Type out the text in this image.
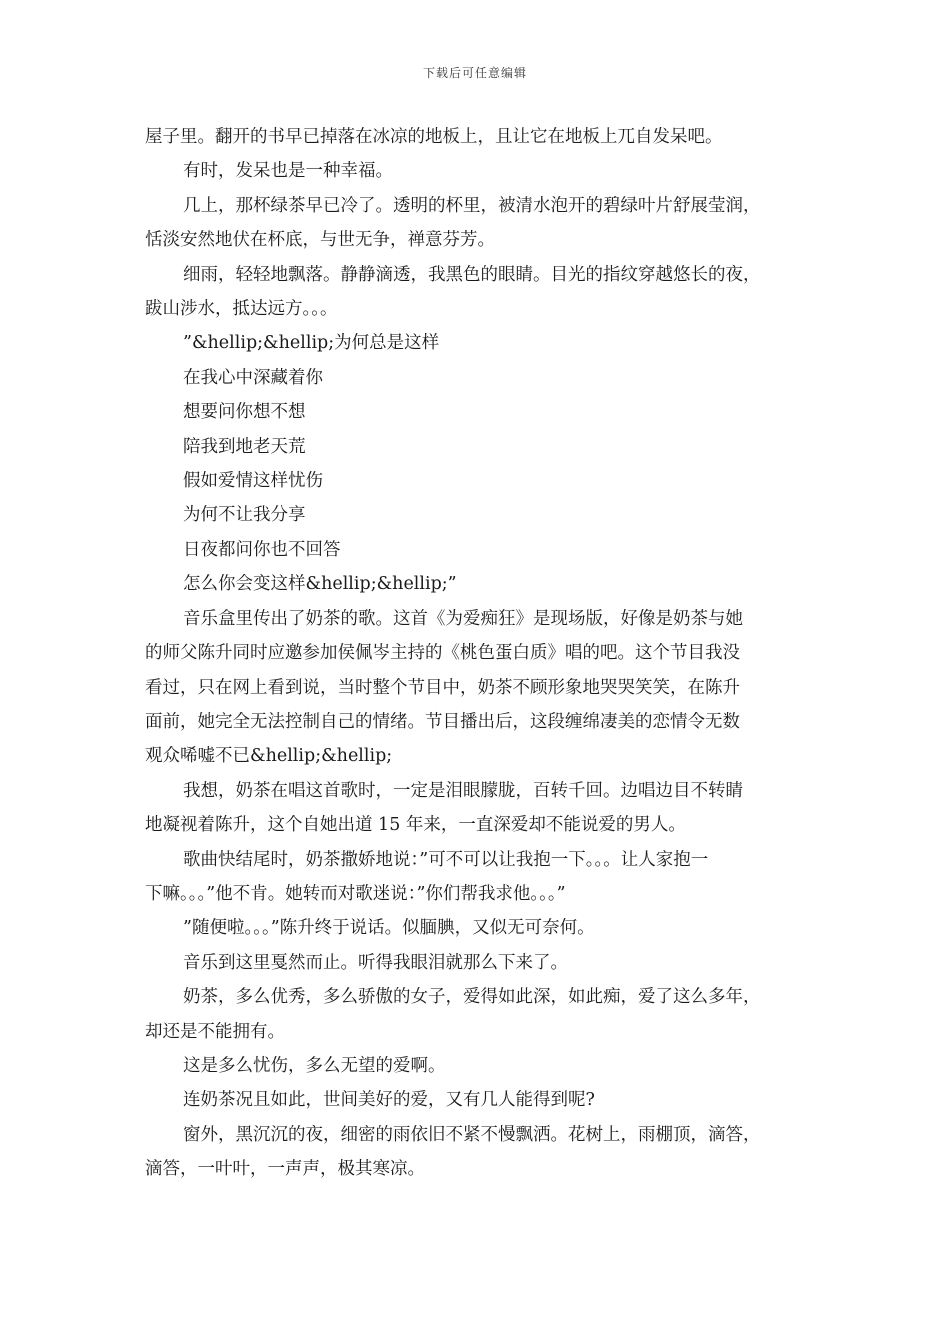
下载后可任意编辑

屋子里。翻开的书早已掉落在冰凉的地板上，且让它在地板上兀自发呆吧。

有时，发呆也是一种幸福。

几上，那杯绿茶早已冷了。透明的杯里，被清水泡开的碧绿叶片舒展莹润，

恬淡安然地伏在杯底，与世无争，禅意芬芳。

细雨，轻轻地飘落。静静滴透，我黑色的眼睛。目光的指纹穿越悠长的夜，

跋山涉水，抵达远方。。。

”&hellip;&hellip;为何总是这样

在我心中深藏着你

想要问你想不想

陪我到地老天荒

假如爱情这样忧伤

为何不让我分享

日夜都问你也不回答

怎么你会变这样&hellip;&hellip;”

音乐盒里传出了奶茶的歌。这首《为爱痴狂》是现场版，好像是奶茶与她

的师父陈升同时应邀参加侯佩岑主持的《桃色蛋白质》唱的吧。这个节目我没

看过，只在网上看到说，当时整个节目中，奶茶不顾形象地哭哭笑笑，在陈升

面前，她完全无法控制自己的情绪。节目播出后，这段缠绵凄美的恋情令无数

观众唏嘘不已&hellip;&hellip;

我想，奶茶在唱这首歌时，一定是泪眼朦胧，百转千回。边唱边目不转睛

地凝视着陈升，这个自她出道 15 年来，一直深爱却不能说爱的男人。

歌曲快结尾时，奶茶撒娇地说：”可不可以让我抱一下。。。让人家抱一

下嘛。。。”他不肯。她转而对歌迷说：”你们帮我求他。。。”

”随便啦。。。”陈升终于说话。似腼腆，又似无可奈何。

音乐到这里戛然而止。听得我眼泪就那么下来了。

奶茶，多么优秀，多么骄傲的女子，爱得如此深，如此痴，爱了这么多年，

却还是不能拥有。

这是多么忧伤，多么无望的爱啊。

连奶茶况且如此，世间美好的爱，又有几人能得到呢?

窗外，黑沉沉的夜，细密的雨依旧不紧不慢飘洒。花树上，雨棚顶，滴答，

滴答，一叶叶，一声声，极其寒凉。
